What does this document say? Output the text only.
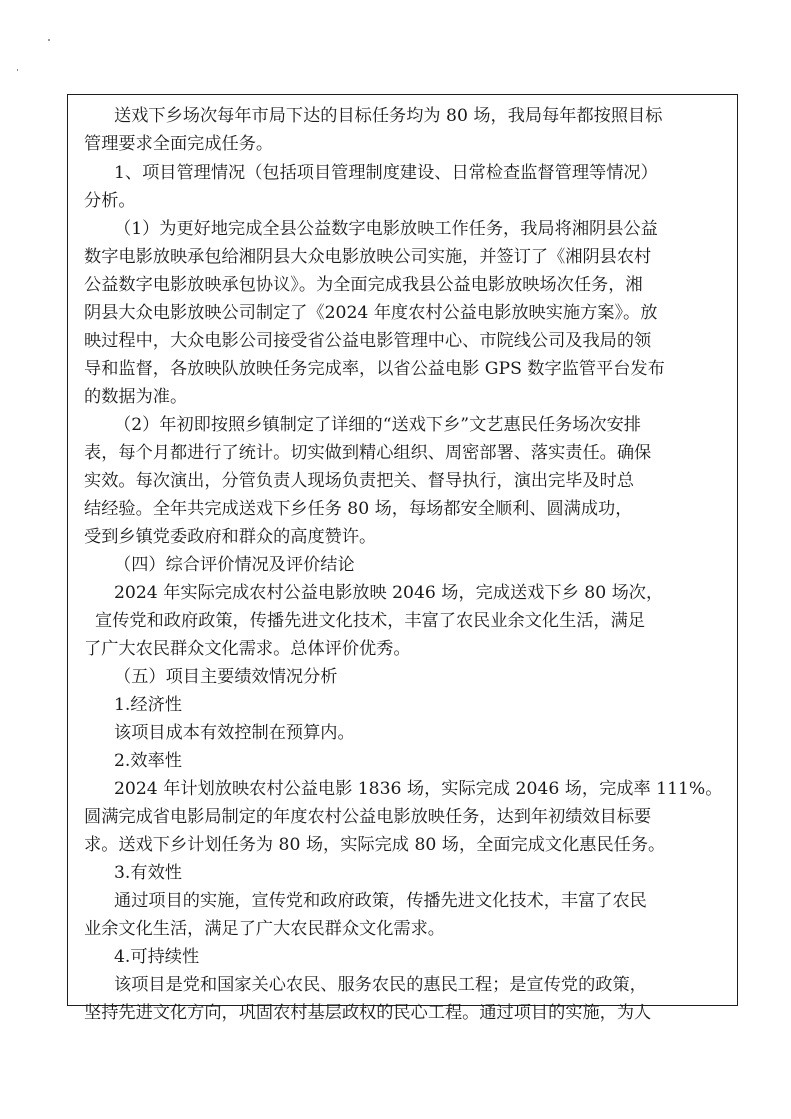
送戏下乡场次每年市局下达的目标任务均为 80 场，我局每年都按照目标
管理要求全面完成任务。
1、项目管理情况（包括项目管理制度建设、日常检查监督管理等情况）
分析。
（1）为更好地完成全县公益数字电影放映工作任务，我局将湘阴县公益
数字电影放映承包给湘阴县大众电影放映公司实施，并签订了《湘阴县农村
公益数字电影放映承包协议》。为全面完成我县公益电影放映场次任务，湘
阴县大众电影放映公司制定了《2024 年度农村公益电影放映实施方案》。放
映过程中，大众电影公司接受省公益电影管理中心、市院线公司及我局的领
导和监督，各放映队放映任务完成率，以省公益电影 GPS 数字监管平台发布
的数据为准。
（2）年初即按照乡镇制定了详细的“送戏下乡”文艺惠民任务场次安排
表，每个月都进行了统计。切实做到精心组织、周密部署、落实责任。确保
实效。每次演出，分管负责人现场负责把关、督导执行，演出完毕及时总
结经验。全年共完成送戏下乡任务 80 场，每场都安全顺利、圆满成功，
受到乡镇党委政府和群众的高度赞许。
（四）综合评价情况及评价结论
2024 年实际完成农村公益电影放映 2046 场，完成送戏下乡 80 场次，
宣传党和政府政策，传播先进文化技术，丰富了农民业余文化生活，满足
了广大农民群众文化需求。总体评价优秀。
（五）项目主要绩效情况分析
1.经济性
该项目成本有效控制在预算内。
2.效率性
2024 年计划放映农村公益电影 1836 场，实际完成 2046 场，完成率 111%。
圆满完成省电影局制定的年度农村公益电影放映任务，达到年初绩效目标要
求。送戏下乡计划任务为 80 场，实际完成 80 场，全面完成文化惠民任务。
3.有效性
通过项目的实施，宣传党和政府政策，传播先进文化技术，丰富了农民
业余文化生活，满足了广大农民群众文化需求。
4.可持续性
该项目是党和国家关心农民、服务农民的惠民工程；是宣传党的政策，
坚持先进文化方向，巩固农村基层政权的民心工程。通过项目的实施，为人
